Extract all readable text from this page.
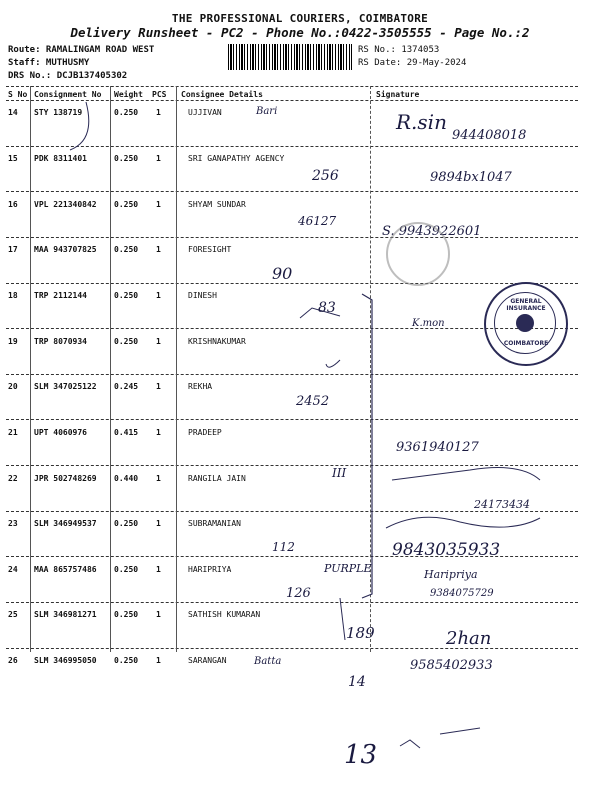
THE PROFESSIONAL COURIERS, COIMBATORE
Delivery Runsheet - PC2 - Phone No.:0422-3505555 - Page No.:2
Route: RAMALINGAM ROAD WEST
Staff: MUTHUSMY
DRS No.: DCJB137405302
RS No.: 1374053
RS Date: 29-May-2024
S No Consignment No Weight PCS Consignee Details	Signature
14 STY 138719	0.250 1	UJJIVAN
15 PDK 8311401	0.250 1	SRI GANAPATHY AGENCY
16 VPL 221340842 0.250 1	SHYAM SUNDAR
17 MAA 943707825 0.250 1	FORESIGHT
18 TRP 2112144	0.250 1	DINESH
19 TRP 8070934	0.250 1	KRISHNAKUMAR
20 SLM 347025122 0.245 1	REKHA
21 UPT 4060976	0.415 1	PRADEEP
22 JPR 502748269 0.440 1	RANGILA JAIN
23 SLM 346949537 0.250 1	SUBRAMANIAN
24 MAA 865757486 0.250 1	HARIPRIYA
25 SLM 346981271 0.250 1	SATHISH KUMARAN
26 SLM 346995050 0.250 1	SARANGAN
Bari	R.sin
944408018
256	9894bx1047
46127
S. 9943922601
90
83
K.mon
2452
9361940127
III
24173434
112	9843035933
PURPLE
126
Haripriya
9384075729
189	2han
Batta
14
9585402933
13
GENERAL INSURANCE
COIMBATORE
